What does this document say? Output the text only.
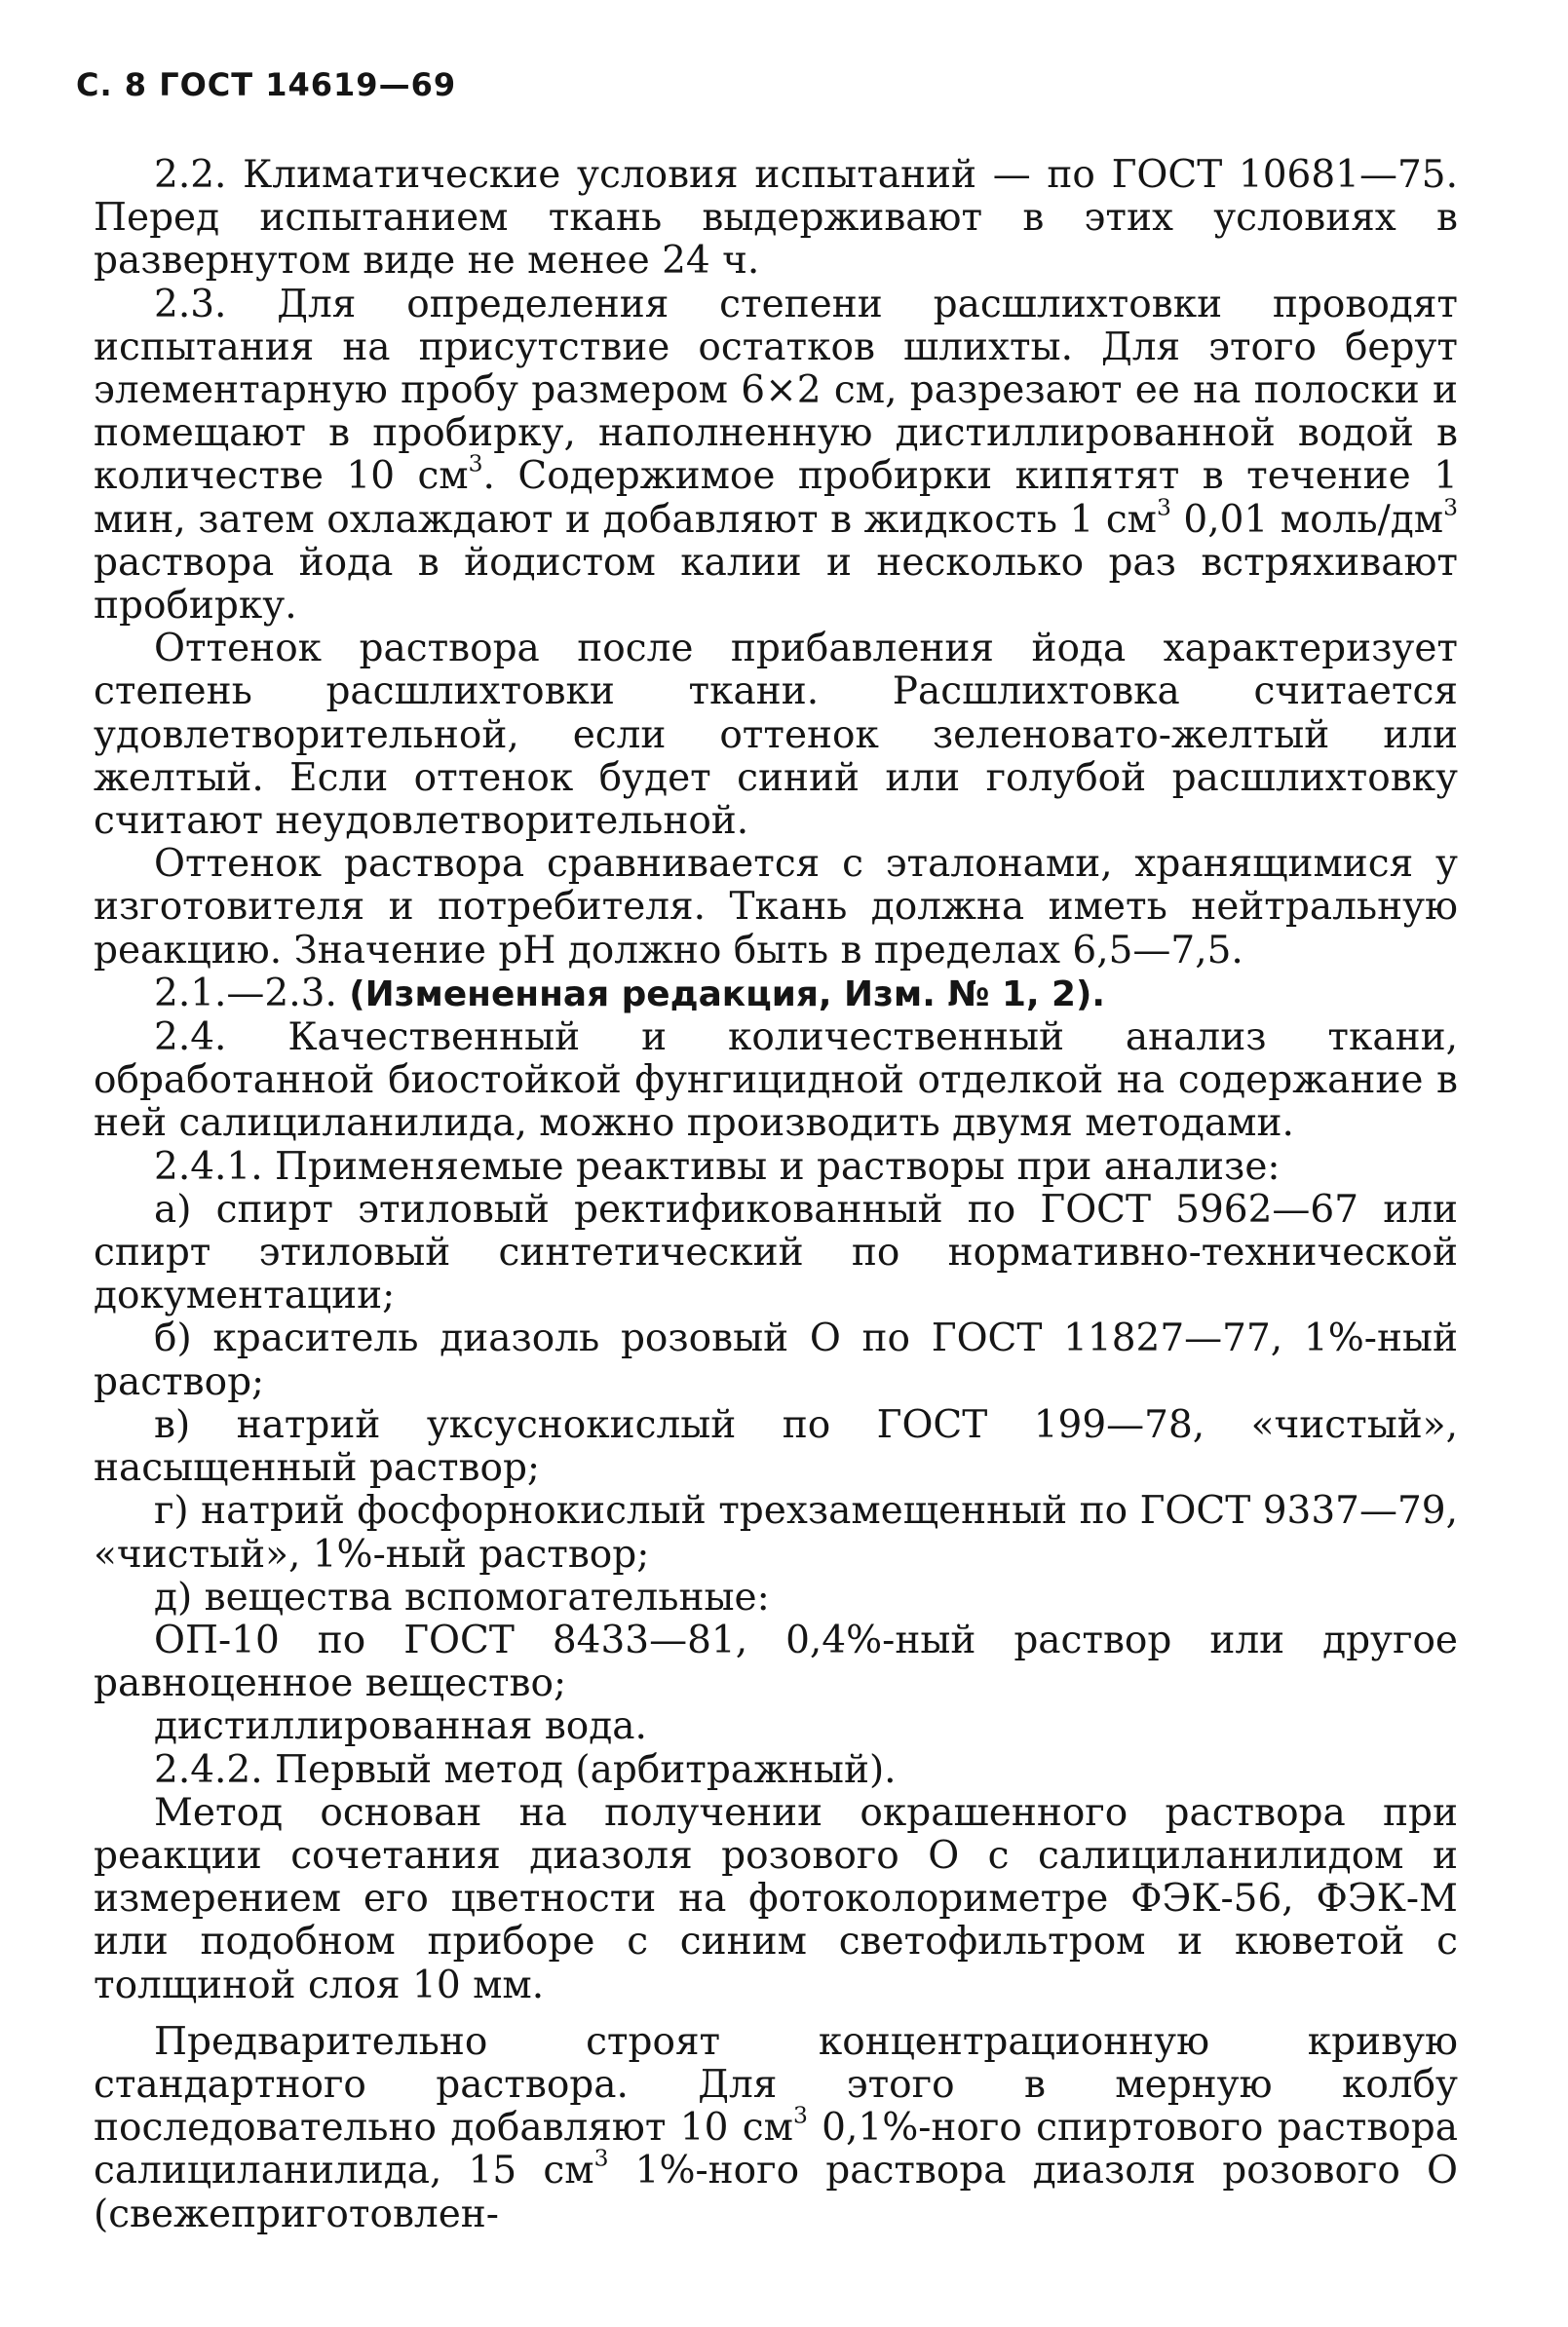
С. 8 ГОСТ 14619—69

2.2. Климатические условия испытаний — по ГОСТ 10681—75. Перед испытанием ткань выдерживают в этих условиях в развернутом виде не менее 24 ч.

2.3. Для определения степени расшлихтовки проводят испытания на присутствие остатков шлихты. Для этого берут элементарную пробу размером 6×2 см, разрезают ее на полоски и помещают в пробирку, наполненную дистиллированной водой в количестве 10 $см^3$. Содержимое пробирки кипятят в течение 1 мин, затем охлаждают и добавляют в жидкость 1 $см^3$ 0,01 моль/$дм^3$ раствора йода в йодистом калии и несколько раз встряхивают пробирку.

Оттенок раствора после прибавления йода характеризует степень расшлихтовки ткани. Расшлихтовка считается удовлетворительной, если оттенок зеленовато-желтый или желтый. Если оттенок будет синий или голубой расшлихтовку считают неудовлетворительной.

Оттенок раствора сравнивается с эталонами, хранящимися у изготовителя и потребителя. Ткань должна иметь нейтральную реакцию. Значение pH должно быть в пределах 6,5—7,5.

2.1.—2.3. (Измененная редакция, Изм. № 1, 2).

2.4. Качественный и количественный анализ ткани, обработанной биостойкой фунгицидной отделкой на содержание в ней салициланилида, можно производить двумя методами.

2.4.1. Применяемые реактивы и растворы при анализе:

а) спирт этиловый ректификованный по ГОСТ 5962—67 или спирт этиловый синтетический по нормативно-технической документации;

б) краситель диазоль розовый О по ГОСТ 11827—77, 1%-ный раствор;

в) натрий уксуснокислый по ГОСТ 199—78, «чистый», насыщенный раствор;

г) натрий фосфорнокислый трехзамещенный по ГОСТ 9337—79, «чистый», 1%-ный раствор;

д) вещества вспомогательные:

ОП-10 по ГОСТ 8433—81, 0,4%-ный раствор или другое равноценное вещество;

дистиллированная вода.

2.4.2. Первый метод (арбитражный).

Метод основан на получении окрашенного раствора при реакции сочетания диазоля розового О с салициланилидом и измерением его цветности на фотоколориметре ФЭК-56, ФЭК-М или подобном приборе с синим светофильтром и кюветой с толщиной слоя 10 мм.

Предварительно строят концентрационную кривую стандартного раствора. Для этого в мерную колбу последовательно добавляют 10 $см^3$ 0,1%-ного спиртового раствора салициланилида, 15 $см^3$ 1%-ного раствора диазоля розового О (свежеприготовлен-
